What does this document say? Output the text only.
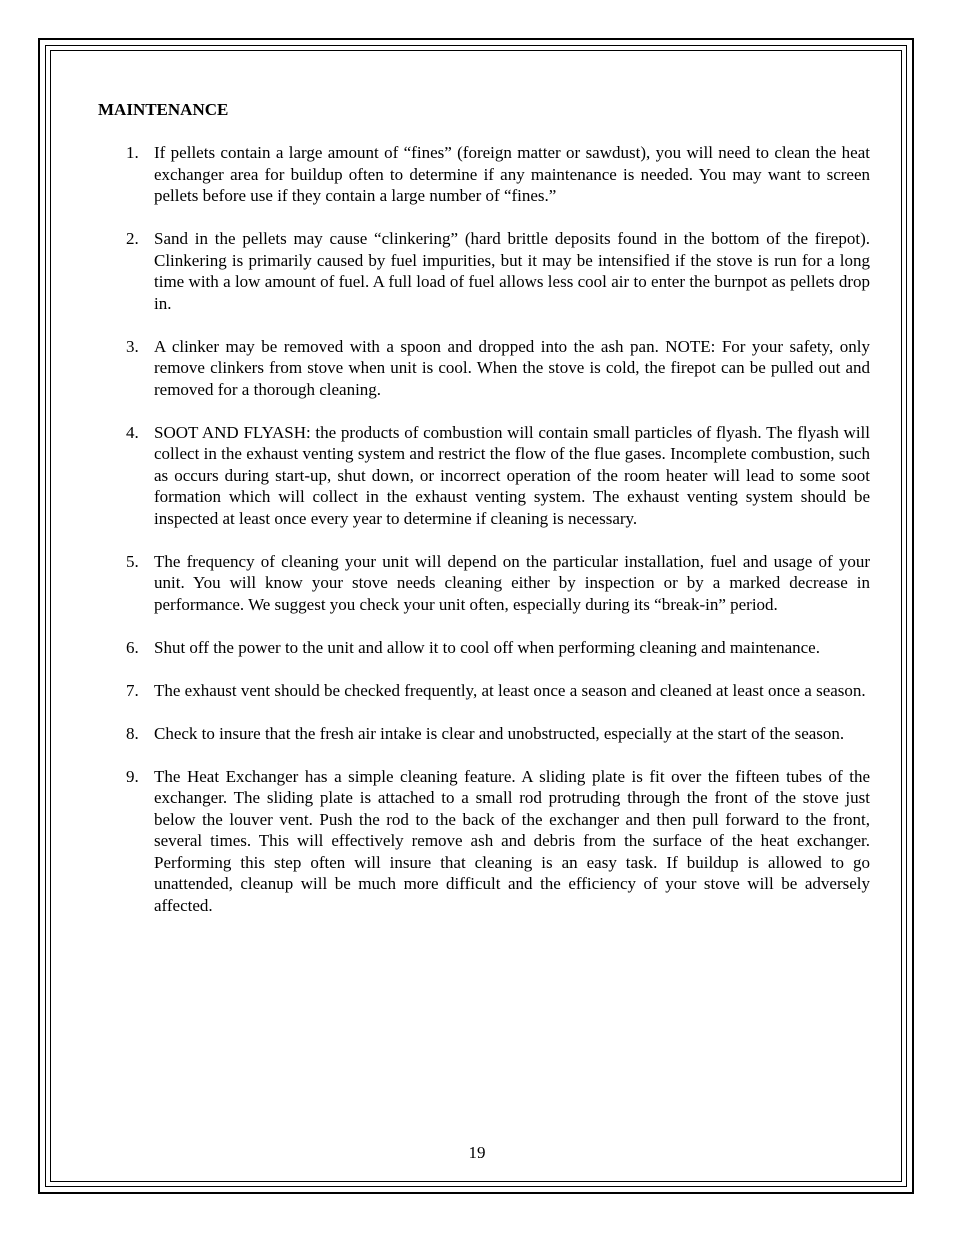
MAINTENANCE
1. If pellets contain a large amount of “fines” (foreign matter or sawdust), you will need to clean the heat exchanger area for buildup often to determine if any maintenance is needed. You may want to screen pellets before use if they contain a large number of “fines.”
2. Sand in the pellets may cause “clinkering” (hard brittle deposits found in the bottom of the firepot). Clinkering is primarily caused by fuel impurities, but it may be intensified if the stove is run for a long time with a low amount of fuel. A full load of fuel allows less cool air to enter the burnpot as pellets drop in.
3. A clinker may be removed with a spoon and dropped into the ash pan. NOTE: For your safety, only remove clinkers from stove when unit is cool. When the stove is cold, the firepot can be pulled out and removed for a thorough cleaning.
4. SOOT AND FLYASH: the products of combustion will contain small particles of flyash. The flyash will collect in the exhaust venting system and restrict the flow of the flue gases. Incomplete combustion, such as occurs during start-up, shut down, or incorrect operation of the room heater will lead to some soot formation which will collect in the exhaust venting system. The exhaust venting system should be inspected at least once every year to determine if cleaning is necessary.
5. The frequency of cleaning your unit will depend on the particular installation, fuel and usage of your unit. You will know your stove needs cleaning either by inspection or by a marked decrease in performance. We suggest you check your unit often, especially during its “break-in” period.
6. Shut off the power to the unit and allow it to cool off when performing cleaning and maintenance.
7. The exhaust vent should be checked frequently, at least once a season and cleaned at least once a season.
8. Check to insure that the fresh air intake is clear and unobstructed, especially at the start of the season.
9. The Heat Exchanger has a simple cleaning feature. A sliding plate is fit over the fifteen tubes of the exchanger. The sliding plate is attached to a small rod protruding through the front of the stove just below the louver vent. Push the rod to the back of the exchanger and then pull forward to the front, several times. This will effectively remove ash and debris from the surface of the heat exchanger. Performing this step often will insure that cleaning is an easy task. If buildup is allowed to go unattended, cleanup will be much more difficult and the efficiency of your stove will be adversely affected.
19
